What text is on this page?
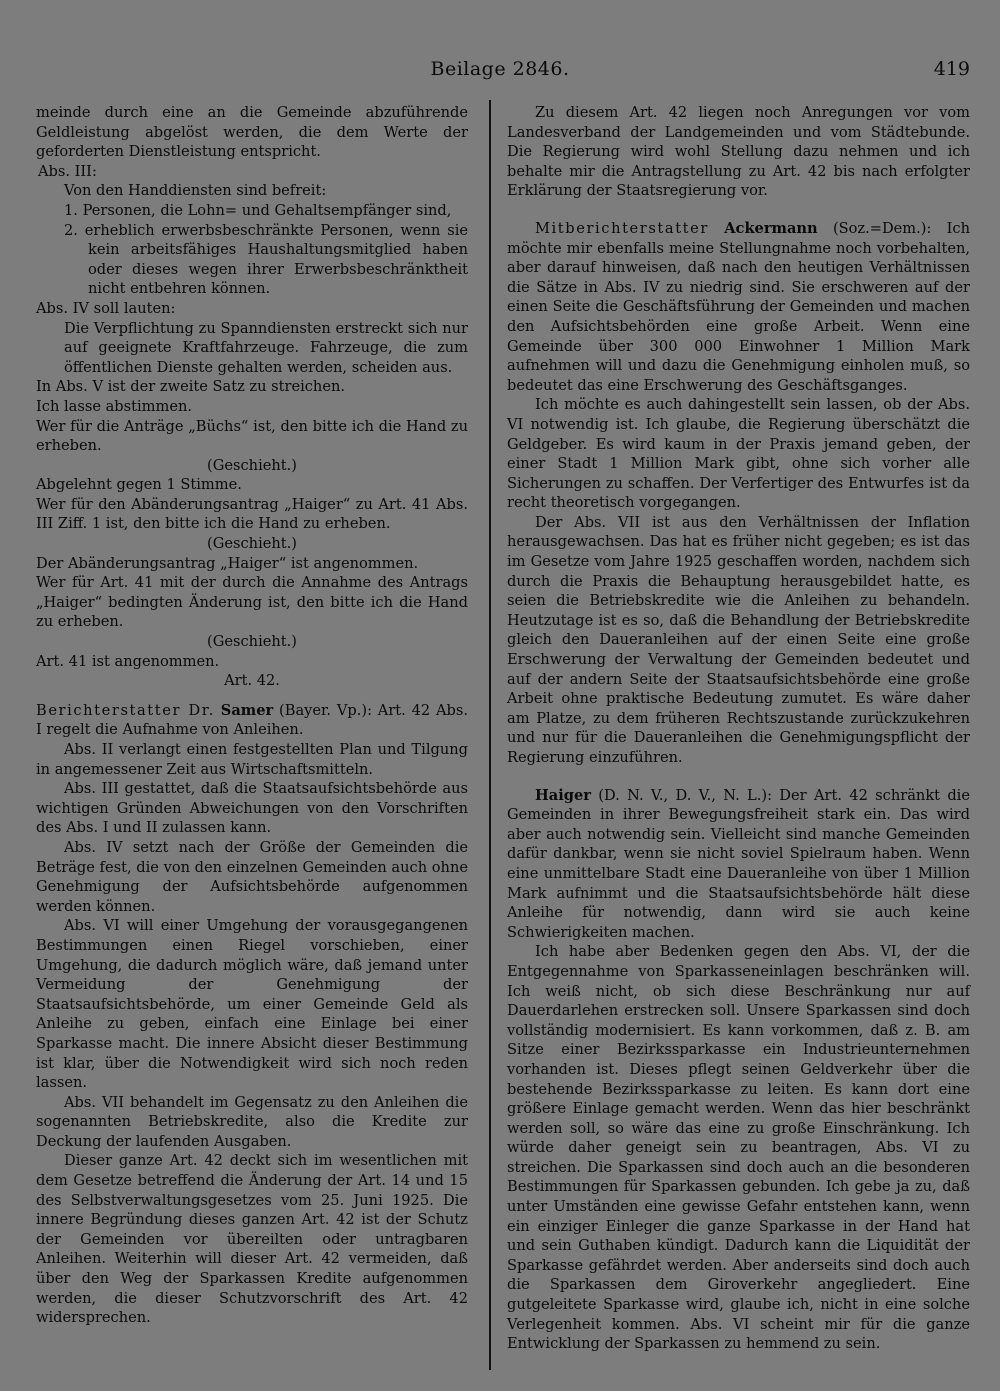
Beilage 2846.	419

meinde durch eine an die Gemeinde abzuführende Geldleistung abgelöst werden, die dem Werte der geforderten Dienstleistung entspricht.

Abs. III:

Von den Handdiensten sind befreit:

1. Personen, die Lohn= und Gehaltsempfänger sind,

2. erheblich erwerbsbeschränkte Personen, wenn sie kein arbeitsfähiges Haushaltungsmitglied haben oder dieses wegen ihrer Erwerbsbeschränktheit nicht entbehren können.

Abs. IV soll lauten:

Die Verpflichtung zu Spanndiensten erstreckt sich nur auf geeignete Kraftfahrzeuge. Fahrzeuge, die zum öffentlichen Dienste gehalten werden, scheiden aus.

In Abs. V ist der zweite Satz zu streichen.

Ich lasse abstimmen.

Wer für die Anträge „Büchs“ ist, den bitte ich die Hand zu erheben.

(Geschieht.)

Abgelehnt gegen 1 Stimme.

Wer für den Abänderungsantrag „Haiger“ zu Art. 41 Abs. III Ziff. 1 ist, den bitte ich die Hand zu erheben.

(Geschieht.)

Der Abänderungsantrag „Haiger“ ist angenommen.

Wer für Art. 41 mit der durch die Annahme des Antrags „Haiger“ bedingten Änderung ist, den bitte ich die Hand zu erheben.

(Geschieht.)

Art. 41 ist angenommen.

Art. 42.

Berichterstatter Dr. Samer (Bayer. Vp.): Art. 42 Abs. I regelt die Aufnahme von Anleihen.

Abs. II verlangt einen festgestellten Plan und Tilgung in angemessener Zeit aus Wirtschaftsmitteln.

Abs. III gestattet, daß die Staatsaufsichtsbehörde aus wichtigen Gründen Abweichungen von den Vorschriften des Abs. I und II zulassen kann.

Abs. IV setzt nach der Größe der Gemeinden die Beträge fest, die von den einzelnen Gemeinden auch ohne Genehmigung der Aufsichtsbehörde aufgenommen werden können.

Abs. VI will einer Umgehung der vorausgegangenen Bestimmungen einen Riegel vorschieben, einer Umgehung, die dadurch möglich wäre, daß jemand unter Vermeidung der Genehmigung der Staatsaufsichtsbehörde, um einer Gemeinde Geld als Anleihe zu geben, einfach eine Einlage bei einer Sparkasse macht. Die innere Absicht dieser Bestimmung ist klar, über die Notwendigkeit wird sich noch reden lassen.

Abs. VII behandelt im Gegensatz zu den Anleihen die sogenannten Betriebskredite, also die Kredite zur Deckung der laufenden Ausgaben.

Dieser ganze Art. 42 deckt sich im wesentlichen mit dem Gesetze betreffend die Änderung der Art. 14 und 15 des Selbstverwaltungsgesetzes vom 25. Juni 1925. Die innere Begründung dieses ganzen Art. 42 ist der Schutz der Gemeinden vor übereilten oder untragbaren Anleihen. Weiterhin will dieser Art. 42 vermeiden, daß über den Weg der Sparkassen Kredite aufgenommen werden, die dieser Schutzvorschrift des Art. 42 widersprechen.

Zu diesem Art. 42 liegen noch Anregungen vor vom Landesverband der Landgemeinden und vom Städtebunde. Die Regierung wird wohl Stellung dazu nehmen und ich behalte mir die Antragstellung zu Art. 42 bis nach erfolgter Erklärung der Staatsregierung vor.

Mitberichterstatter Ackermann (Soz.=Dem.): Ich möchte mir ebenfalls meine Stellungnahme noch vorbehalten, aber darauf hinweisen, daß nach den heutigen Verhältnissen die Sätze in Abs. IV zu niedrig sind. Sie erschweren auf der einen Seite die Geschäftsführung der Gemeinden und machen den Aufsichtsbehörden eine große Arbeit. Wenn eine Gemeinde über 300 000 Einwohner 1 Million Mark aufnehmen will und dazu die Genehmigung einholen muß, so bedeutet das eine Erschwerung des Geschäftsganges.

Ich möchte es auch dahingestellt sein lassen, ob der Abs. VI notwendig ist. Ich glaube, die Regierung überschätzt die Geldgeber. Es wird kaum in der Praxis jemand geben, der einer Stadt 1 Million Mark gibt, ohne sich vorher alle Sicherungen zu schaffen. Der Verfertiger des Entwurfes ist da recht theoretisch vorgegangen.

Der Abs. VII ist aus den Verhältnissen der Inflation herausgewachsen. Das hat es früher nicht gegeben; es ist das im Gesetze vom Jahre 1925 geschaffen worden, nachdem sich durch die Praxis die Behauptung herausgebildet hatte, es seien die Betriebskredite wie die Anleihen zu behandeln. Heutzutage ist es so, daß die Behandlung der Betriebskredite gleich den Daueranleihen auf der einen Seite eine große Erschwerung der Verwaltung der Gemeinden bedeutet und auf der andern Seite der Staatsaufsichtsbehörde eine große Arbeit ohne praktische Bedeutung zumutet. Es wäre daher am Platze, zu dem früheren Rechtszustande zurückzukehren und nur für die Daueranleihen die Genehmigungspflicht der Regierung einzuführen.

Haiger (D. N. V., D. V., N. L.): Der Art. 42 schränkt die Gemeinden in ihrer Bewegungsfreiheit stark ein. Das wird aber auch notwendig sein. Vielleicht sind manche Gemeinden dafür dankbar, wenn sie nicht soviel Spielraum haben. Wenn eine unmittelbare Stadt eine Daueranleihe von über 1 Million Mark aufnimmt und die Staatsaufsichtsbehörde hält diese Anleihe für notwendig, dann wird sie auch keine Schwierigkeiten machen.

Ich habe aber Bedenken gegen den Abs. VI, der die Entgegennahme von Sparkasseneinlagen beschränken will. Ich weiß nicht, ob sich diese Beschränkung nur auf Dauerdarlehen erstrecken soll. Unsere Sparkassen sind doch vollständig modernisiert. Es kann vorkommen, daß z. B. am Sitze einer Bezirkssparkasse ein Industrieunternehmen vorhanden ist. Dieses pflegt seinen Geldverkehr über die bestehende Bezirkssparkasse zu leiten. Es kann dort eine größere Einlage gemacht werden. Wenn das hier beschränkt werden soll, so wäre das eine zu große Einschränkung. Ich würde daher geneigt sein zu beantragen, Abs. VI zu streichen. Die Sparkassen sind doch auch an die besonderen Bestimmungen für Sparkassen gebunden. Ich gebe ja zu, daß unter Umständen eine gewisse Gefahr entstehen kann, wenn ein einziger Einleger die ganze Sparkasse in der Hand hat und sein Guthaben kündigt. Dadurch kann die Liquidität der Sparkasse gefährdet werden. Aber anderseits sind doch auch die Sparkassen dem Giroverkehr angegliedert. Eine gutgeleitete Sparkasse wird, glaube ich, nicht in eine solche Verlegenheit kommen. Abs. VI scheint mir für die ganze Entwicklung der Sparkassen zu hemmend zu sein.
